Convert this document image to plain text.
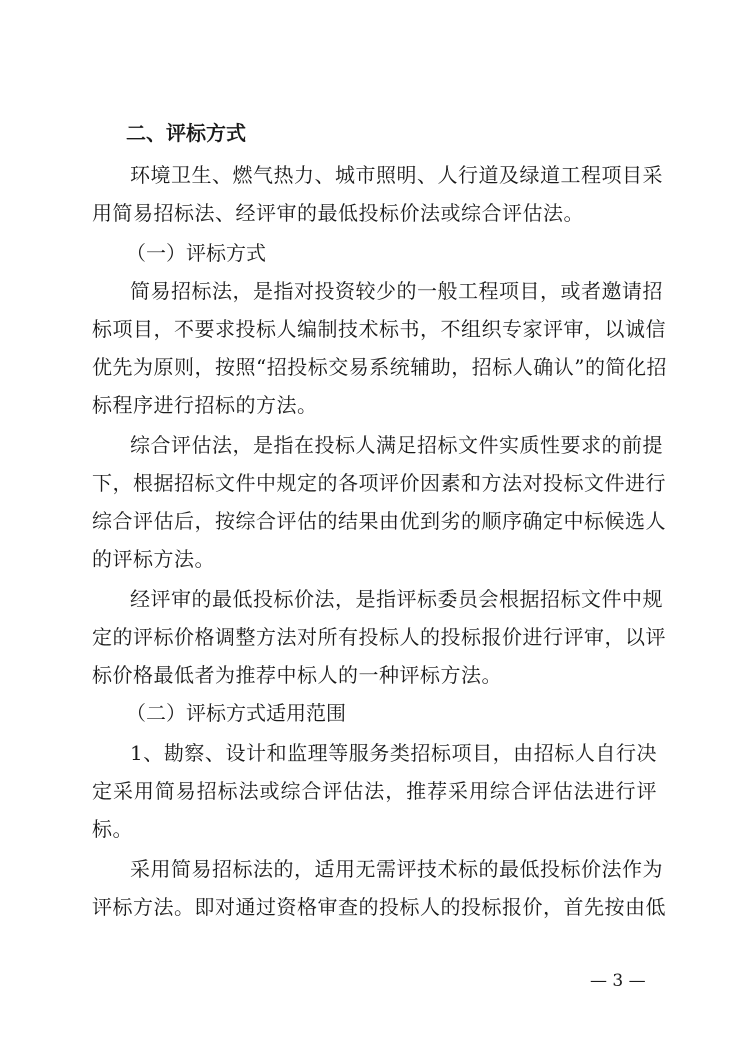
二、评标方式
环境卫生、燃气热力、城市照明、人行道及绿道工程项目采
用简易招标法、经评审的最低投标价法或综合评估法。
（一）评标方式
简易招标法，是指对投资较少的一般工程项目，或者邀请招
标项目，不要求投标人编制技术标书，不组织专家评审，以诚信
优先为原则，按照“招投标交易系统辅助，招标人确认”的简化招
标程序进行招标的方法。
综合评估法，是指在投标人满足招标文件实质性要求的前提
下，根据招标文件中规定的各项评价因素和方法对投标文件进行
综合评估后，按综合评估的结果由优到劣的顺序确定中标候选人
的评标方法。
经评审的最低投标价法，是指评标委员会根据招标文件中规
定的评标价格调整方法对所有投标人的投标报价进行评审，以评
标价格最低者为推荐中标人的一种评标方法。
（二）评标方式适用范围
1、勘察、设计和监理等服务类招标项目，由招标人自行决
定采用简易招标法或综合评估法，推荐采用综合评估法进行评
标。
采用简易招标法的，适用无需评技术标的最低投标价法作为
评标方法。即对通过资格审查的投标人的投标报价，首先按由低
— 3 —
